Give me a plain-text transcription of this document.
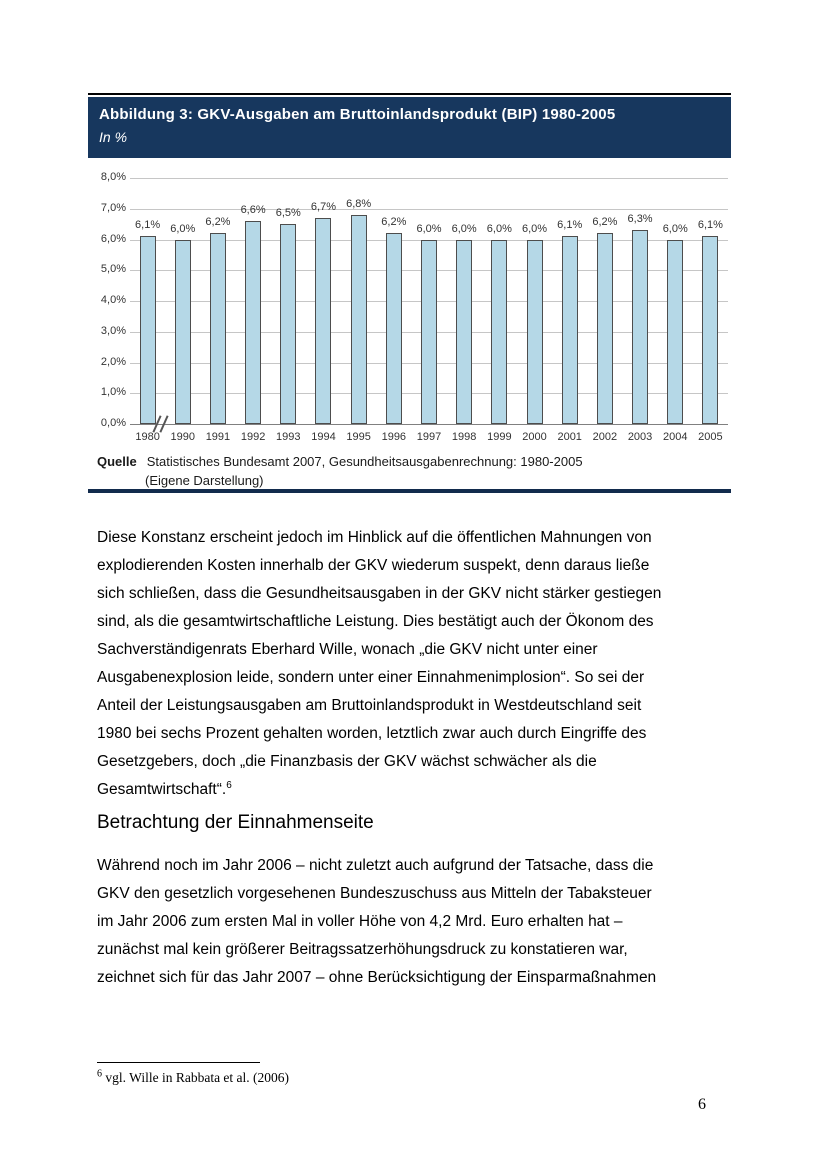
Abbildung 3: GKV-Ausgaben am Bruttoinlandsprodukt (BIP) 1980-2005
In %
8,0%
7,0%
6,0%
5,0%
4,0%
3,0%
2,0%
1,0%
0,0%
6,1%
1980
6,0%
1990
6,2%
1991
6,6%
1992
6,5%
1993
6,7%
1994
6,8%
1995
6,2%
1996
6,0%
1997
6,0%
1998
6,0%
1999
6,0%
2000
6,1%
2001
6,2%
2002
6,3%
2003
6,0%
2004
6,1%
2005
Quelle Statistisches Bundesamt 2007, Gesundheitsausgabenrechnung: 1980-2005
(Eigene Darstellung)
Diese Konstanz erscheint jedoch im Hinblick auf die öffentlichen Mahnungen von
explodierenden Kosten innerhalb der GKV wiederum suspekt, denn daraus ließe
sich schließen, dass die Gesundheitsausgaben in der GKV nicht stärker gestiegen
sind, als die gesamtwirtschaftliche Leistung. Dies bestätigt auch der Ökonom des
Sachverständigenrats Eberhard Wille, wonach „die GKV nicht unter einer
Ausgabenexplosion leide, sondern unter einer Einnahmenimplosion“. So sei der
Anteil der Leistungsausgaben am Bruttoinlandsprodukt in Westdeutschland seit
1980 bei sechs Prozent gehalten worden, letztlich zwar auch durch Eingriffe des
Gesetzgebers, doch „die Finanzbasis der GKV wächst schwächer als die
Gesamtwirtschaft“.$^6$
Betrachtung der Einnahmenseite
Während noch im Jahr 2006 – nicht zuletzt auch aufgrund der Tatsache, dass die
GKV den gesetzlich vorgesehenen Bundeszuschuss aus Mitteln der Tabaksteuer
im Jahr 2006 zum ersten Mal in voller Höhe von 4,2 Mrd. Euro erhalten hat –
zunächst mal kein größerer Beitragssatzerhöhungsdruck zu konstatieren war,
zeichnet sich für das Jahr 2007 – ohne Berücksichtigung der Einsparmaßnahmen
$^6$ vgl. Wille in Rabbata et al. (2006)
6
